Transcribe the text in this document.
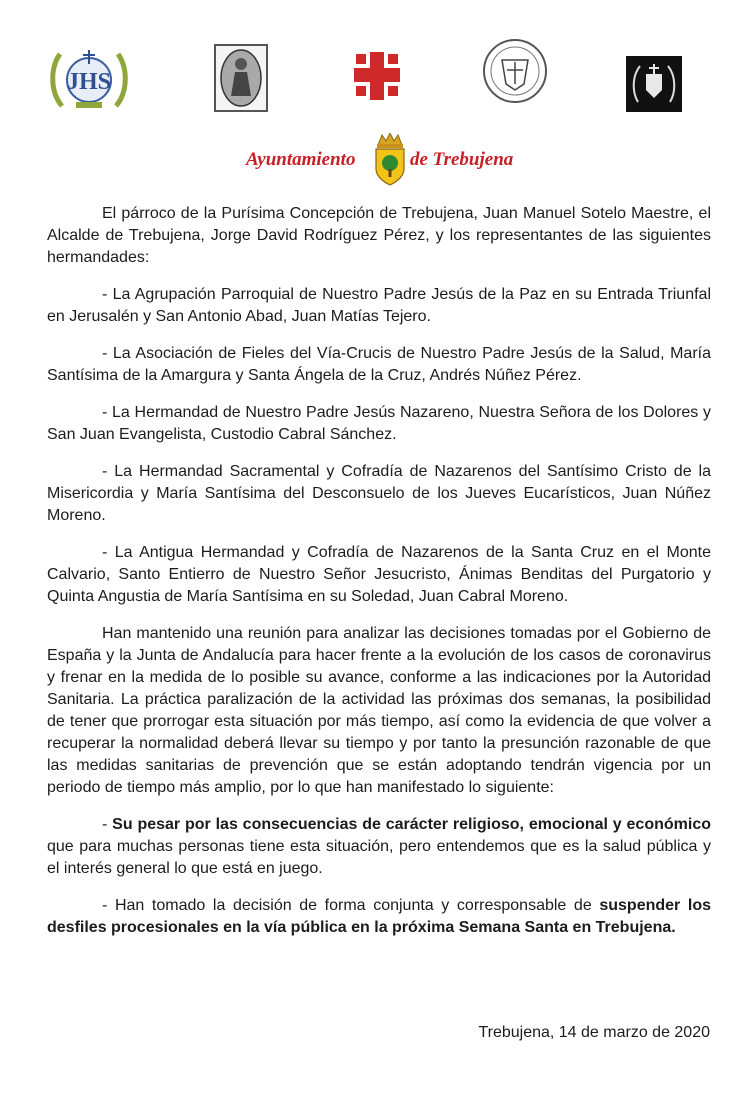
JHS
Ayuntamiento	de Trebujena

El párroco de la Purísima Concepción de Trebujena, Juan Manuel Sotelo Maestre, el Alcalde de Trebujena, Jorge David Rodríguez Pérez, y los representantes de las siguientes hermandades:

- La Agrupación Parroquial de Nuestro Padre Jesús de la Paz en su Entrada Triunfal en Jerusalén y San Antonio Abad, Juan Matías Tejero.

- La Asociación de Fieles del Vía-Crucis de Nuestro Padre Jesús de la Salud, María Santísima de la Amargura y Santa Ángela de la Cruz, Andrés Núñez Pérez.

- La Hermandad de Nuestro Padre Jesús Nazareno, Nuestra Señora de los Dolores y San Juan Evangelista, Custodio Cabral Sánchez.

- La Hermandad Sacramental y Cofradía de Nazarenos del Santísimo Cristo de la Misericordia y María Santísima del Desconsuelo de los Jueves Eucarísticos, Juan Núñez Moreno.

- La Antigua Hermandad y Cofradía de Nazarenos de la Santa Cruz en el Monte Calvario, Santo Entierro de Nuestro Señor Jesucristo, Ánimas Benditas del Purgatorio y Quinta Angustia de María Santísima en su Soledad, Juan Cabral Moreno.

Han mantenido una reunión para analizar las decisiones tomadas por el Gobierno de España y la Junta de Andalucía para hacer frente a la evolución de los casos de coronavirus y frenar en la medida de lo posible su avance, conforme a las indicaciones por la Autoridad Sanitaria. La práctica paralización de la actividad las próximas dos semanas, la posibilidad de tener que prorrogar esta situación por más tiempo, así como la evidencia de que volver a recuperar la normalidad deberá llevar su tiempo y por tanto la presunción razonable de que las medidas sanitarias de prevención que se están adoptando tendrán vigencia por un periodo de tiempo más amplio, por lo que han manifestado lo siguiente:

- Su pesar por las consecuencias de carácter religioso, emocional y económico que para muchas personas tiene esta situación, pero entendemos que es la salud pública y el interés general lo que está en juego.

- Han tomado la decisión de forma conjunta y corresponsable de suspender los desfiles procesionales en la vía pública en la próxima Semana Santa en Trebujena.

Trebujena, 14 de marzo de 2020
